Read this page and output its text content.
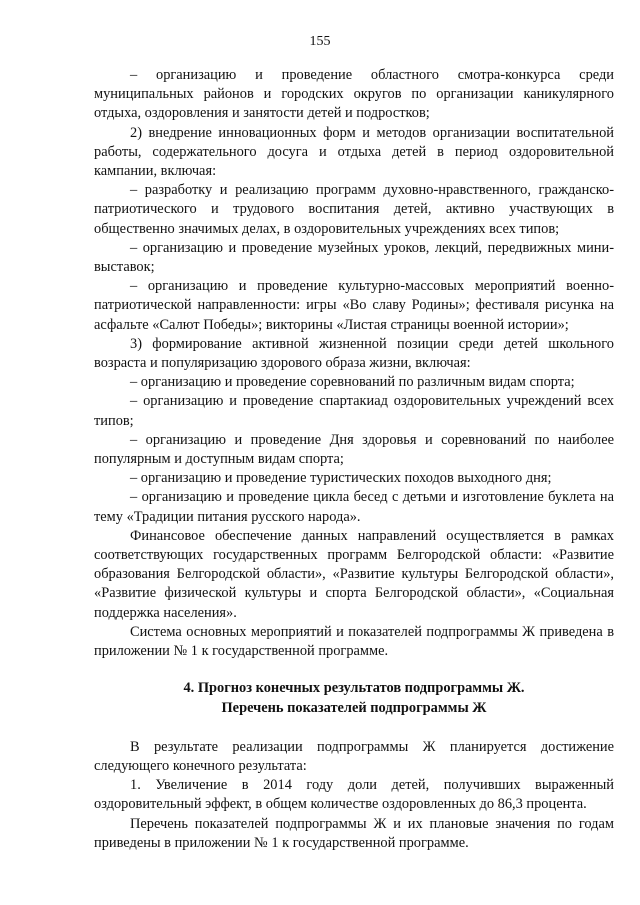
155

– организацию и проведение областного смотра-конкурса среди муниципальных районов и городских округов по организации каникулярного отдыха, оздоровления и занятости детей и подростков;

2) внедрение инновационных форм и методов организации воспитательной работы, содержательного досуга и отдыха детей в период оздоровительной кампании, включая:

– разработку и реализацию программ духовно-нравственного, гражданско-патриотического и трудового воспитания детей, активно участвующих в общественно значимых делах, в оздоровительных учреждениях всех типов;

– организацию и проведение музейных уроков, лекций, передвижных мини-выставок;

– организацию и проведение культурно-массовых мероприятий военно-патриотической направленности: игры «Во славу Родины»; фестиваля рисунка на асфальте «Салют Победы»; викторины «Листая страницы военной истории»;

3) формирование активной жизненной позиции среди детей школьного возраста и популяризацию здорового образа жизни, включая:

– организацию и проведение соревнований по различным видам спорта;

– организацию и проведение спартакиад оздоровительных учреждений всех типов;

– организацию и проведение Дня здоровья и соревнований по наиболее популярным и доступным видам спорта;

– организацию и проведение туристических походов выходного дня;

– организацию и проведение цикла бесед с детьми и изготовление буклета на тему «Традиции питания русского народа».

Финансовое обеспечение данных направлений осуществляется в рамках соответствующих государственных программ Белгородской области: «Развитие образования Белгородской области», «Развитие культуры Белгородской области», «Развитие физической культуры и спорта Белгородской области», «Социальная поддержка населения».

Система основных мероприятий и показателей подпрограммы Ж приведена в приложении № 1 к государственной программе.

4. Прогноз конечных результатов подпрограммы Ж.
Перечень показателей подпрограммы Ж

В результате реализации подпрограммы Ж планируется достижение следующего конечного результата:

1. Увеличение в 2014 году доли детей, получивших выраженный оздоровительный эффект, в общем количестве оздоровленных до 86,3 процента.

Перечень показателей подпрограммы Ж и их плановые значения по годам приведены в приложении № 1 к государственной программе.
